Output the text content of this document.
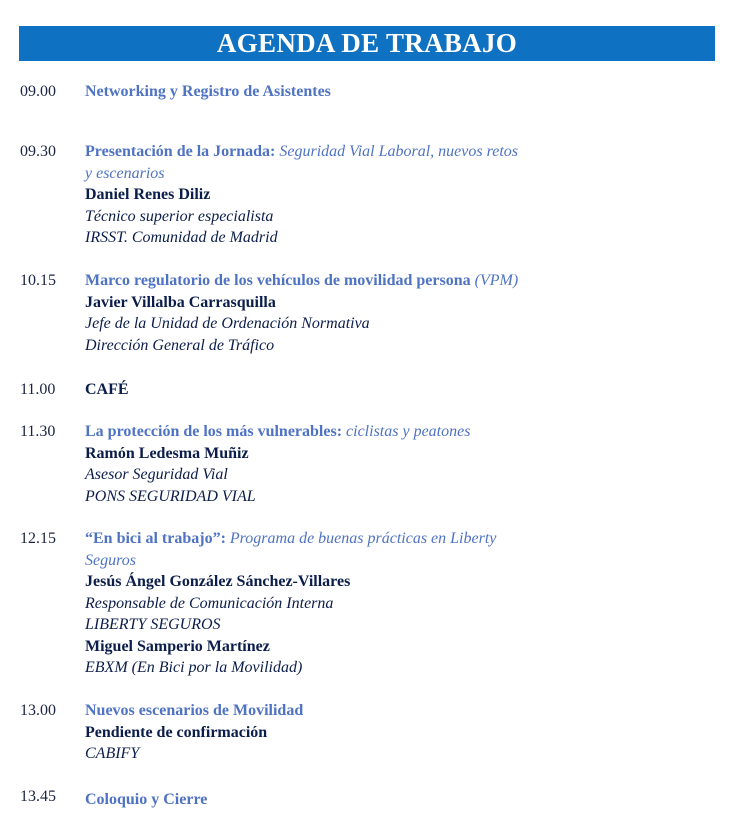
AGENDA DE TRABAJO
09.00 Networking y Registro de Asistentes
09.30 Presentación de la Jornada: Seguridad Vial Laboral, nuevos retos
y escenarios
Daniel Renes Diliz
Técnico superior especialista
IRSST. Comunidad de Madrid
10.15 Marco regulatorio de los vehículos de movilidad persona (VPM)
Javier Villalba Carrasquilla
Jefe de la Unidad de Ordenación Normativa
Dirección General de Tráfico
11.00 CAFÉ
11.30 La protección de los más vulnerables: ciclistas y peatones
Ramón Ledesma Muñiz
Asesor Seguridad Vial
PONS SEGURIDAD VIAL
12.15 “En bici al trabajo”: Programa de buenas prácticas en Liberty
Seguros
Jesús Ángel González Sánchez-Villares
Responsable de Comunicación Interna
LIBERTY SEGUROS
Miguel Samperio Martínez
EBXM (En Bici por la Movilidad)
13.00 Nuevos escenarios de Movilidad
Pendiente de confirmación
CABIFY
13.45 Coloquio y Cierre
